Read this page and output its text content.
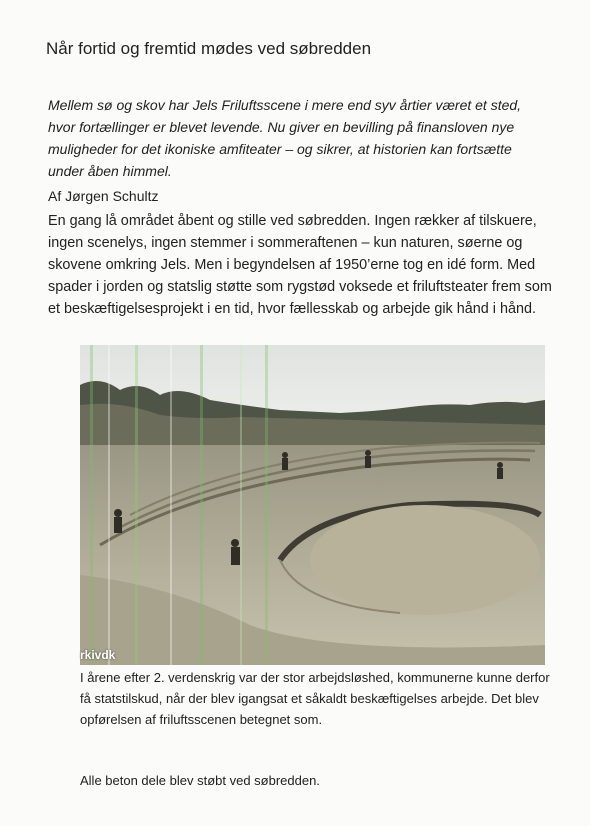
Når fortid og fremtid mødes ved søbredden
Mellem sø og skov har Jels Friluftsscene i mere end syv årtier været et sted, hvor fortællinger er blevet levende. Nu giver en bevilling på finansloven nye muligheder for det ikoniske amfiteater – og sikrer, at historien kan fortsætte under åben himmel.
Af Jørgen Schultz
En gang lå området åbent og stille ved søbredden. Ingen rækker af tilskuere, ingen scenelys, ingen stemmer i sommeraftenen – kun naturen, søerne og skovene omkring Jels. Men i begyndelsen af 1950’erne tog en idé form. Med spader i jorden og statslig støtte som rygstød voksede et friluftsteater frem som et beskæftigelsesprojekt i en tid, hvor fællesskab og arbejde gik hånd i hånd.
rkivdk
I årene efter 2. verdenskrig var der stor arbejdsløshed, kommunerne kunne derfor få statstilskud, når der blev igangsat et såkaldt beskæftigelses arbejde. Det blev opførelsen af friluftsscenen betegnet som.
Alle beton dele blev støbt ved søbredden.
